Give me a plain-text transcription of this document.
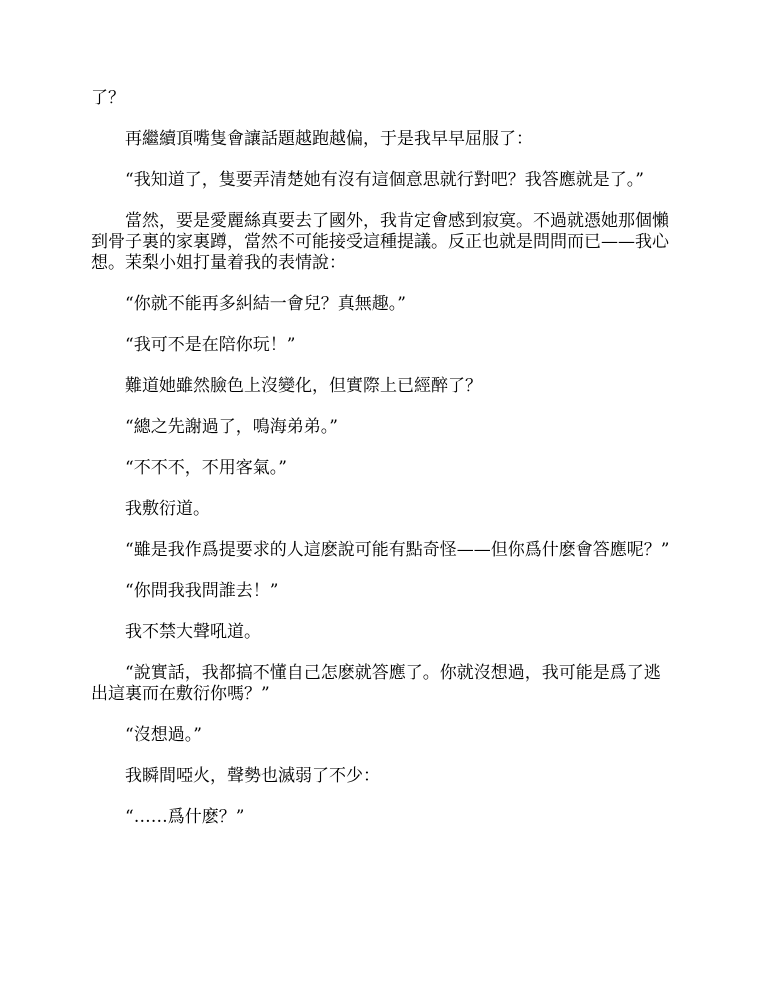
了？

再繼續頂嘴隻會讓話題越跑越偏，于是我早早屈服了：

“我知道了，隻要弄清楚她有沒有這個意思就行對吧？我答應就是了。”

當然，要是愛麗絲真要去了國外，我肯定會感到寂寞。不過就憑她那個懶到骨子裏的家裏蹲，當然不可能接受這種提議。反正也就是問問而已——我心想。茉梨小姐打量着我的表情說：

“你就不能再多糾結一會兒？真無趣。”

“我可不是在陪你玩！”

難道她雖然臉色上沒變化，但實際上已經醉了？

“總之先謝過了，鳴海弟弟。”

“不不不，不用客氣。”

我敷衍道。

“雖是我作爲提要求的人這麽說可能有點奇怪——但你爲什麽會答應呢？”

“你問我我問誰去！”

我不禁大聲吼道。

“說實話，我都搞不懂自己怎麽就答應了。你就沒想過，我可能是爲了逃出這裏而在敷衍你嗎？”

“沒想過。”

我瞬間啞火，聲勢也滅弱了不少：

“……爲什麽？”
